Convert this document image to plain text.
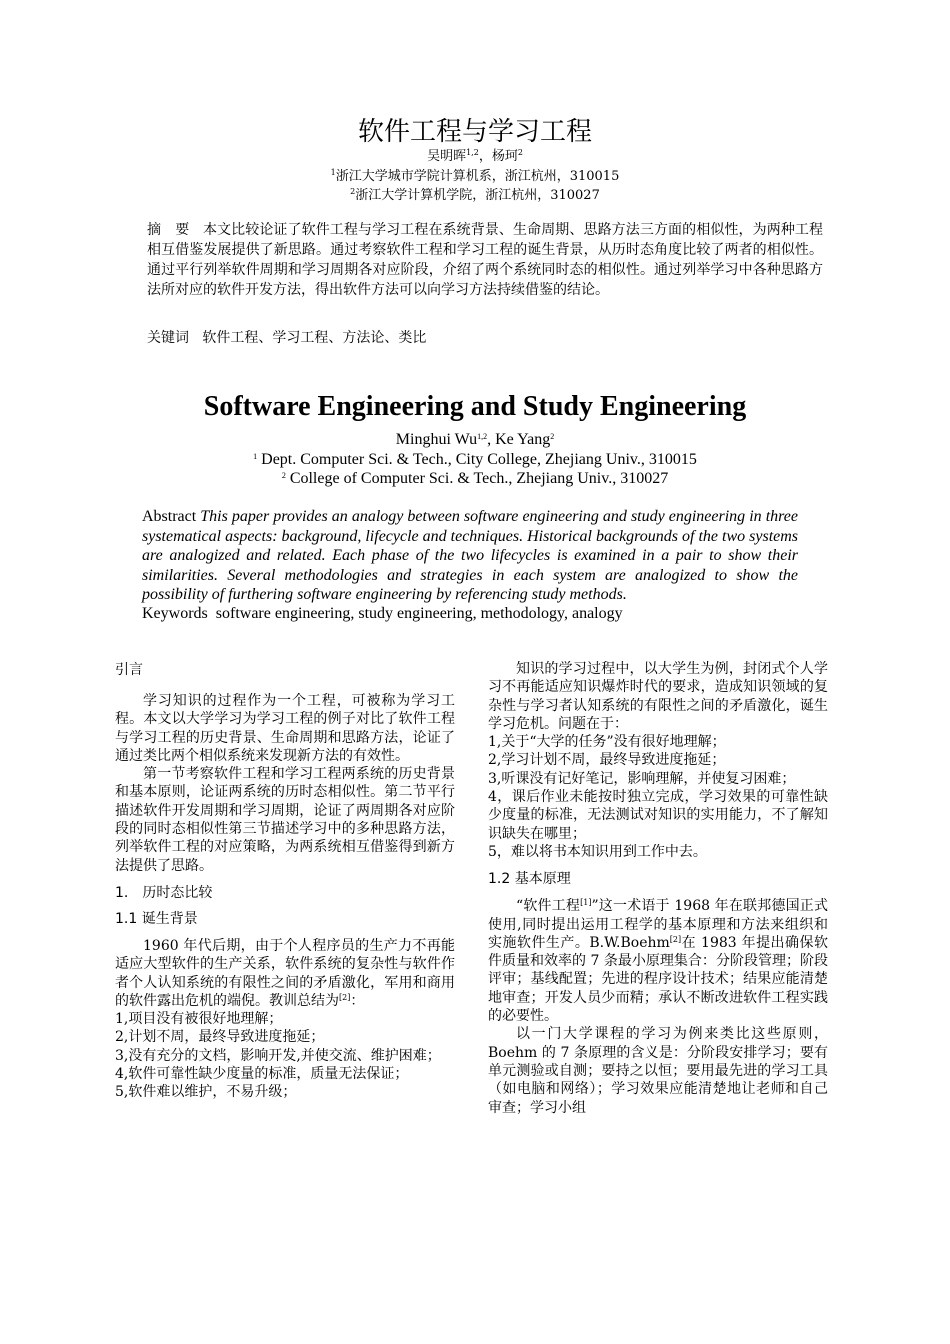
软件工程与学习工程
吴明晖$^{1,2}$，杨珂$^2$
$^1$浙江大学城市学院计算机系，浙江杭州，310015
$^2$浙江大学计算机学院，浙江杭州，310027
摘　要 本文比较论证了软件工程与学习工程在系统背景、生命周期、思路方法三方面的相似性，为两种工程相互借鉴发展提供了新思路。通过考察软件工程和学习工程的诞生背景，从历时态角度比较了两者的相似性。通过平行列举软件周期和学习周期各对应阶段，介绍了两个系统同时态的相似性。通过列举学习中各种思路方法所对应的软件开发方法，得出软件方法可以向学习方法持续借鉴的结论。
关键词 软件工程、学习工程、方法论、类比
Software Engineering and Study Engineering
Minghui Wu$^{1,2}$, Ke Yang$^2$
$^1$ Dept. Computer Sci. & Tech., City College, Zhejiang Univ., 310015
$^2$ College of Computer Sci. & Tech., Zhejiang Univ., 310027
Abstract This paper provides an analogy between software engineering and study engineering in three systematical aspects: background, lifecycle and techniques. Historical backgrounds of the two systems are analogized and related. Each phase of the two lifecycles is examined in a pair to show their similarities. Several methodologies and strategies in each system are analogized to show the possibility of furthering software engineering by referencing study methods.
Keywords software engineering, study engineering, methodology, analogy

引言

学习知识的过程作为一个工程，可被称为学习工程。本文以大学学习为学习工程的例子对比了软件工程与学习工程的历史背景、生命周期和思路方法，论证了通过类比两个相似系统来发现新方法的有效性。

第一节考察软件工程和学习工程两系统的历史背景和基本原则，论证两系统的历时态相似性。第二节平行描述软件开发周期和学习周期，论证了两周期各对应阶段的同时态相似性第三节描述学习中的多种思路方法，列举软件工程的对应策略，为两系统相互借鉴得到新方法提供了思路。

1.　历时态比较

1.1 诞生背景

1960 年代后期，由于个人程序员的生产力不再能适应大型软件的生产关系，软件系统的复杂性与软件作者个人认知系统的有限性之间的矛盾激化，军用和商用的软件露出危机的端倪。教训总结为[2]：

1,项目没有被很好地理解；

2,计划不周，最终导致进度拖延；

3,没有充分的文档，影响开发,并使交流、维护困难；

4,软件可靠性缺少度量的标准，质量无法保证；

5,软件难以维护，不易升级；

知识的学习过程中，以大学生为例，封闭式个人学习不再能适应知识爆炸时代的要求，造成知识领域的复杂性与学习者认知系统的有限性之间的矛盾激化，诞生学习危机。问题在于：

1,关于“大学的任务”没有很好地理解；

2,学习计划不周，最终导致进度拖延；

3,听课没有记好笔记，影响理解，并使复习困难；

4，课后作业未能按时独立完成，学习效果的可靠性缺少度量的标准，无法测试对知识的实用能力，不了解知识缺失在哪里；

5，难以将书本知识用到工作中去。

1.2 基本原理

“软件工程[1]”这一术语于 1968 年在联邦德国正式使用,同时提出运用工程学的基本原理和方法来组织和实施软件生产。B.W.Boehm[2]在 1983 年提出确保软件质量和效率的 7 条最小原理集合：分阶段管理；阶段评审；基线配置；先进的程序设计技术；结果应能清楚地审查；开发人员少而精；承认不断改进软件工程实践的必要性。

以一门大学课程的学习为例来类比这些原则，Boehm 的 7 条原理的含义是：分阶段安排学习；要有单元测验或自测；要持之以恒；要用最先进的学习工具（如电脑和网络）；学习效果应能清楚地让老师和自己审查；学习小组
